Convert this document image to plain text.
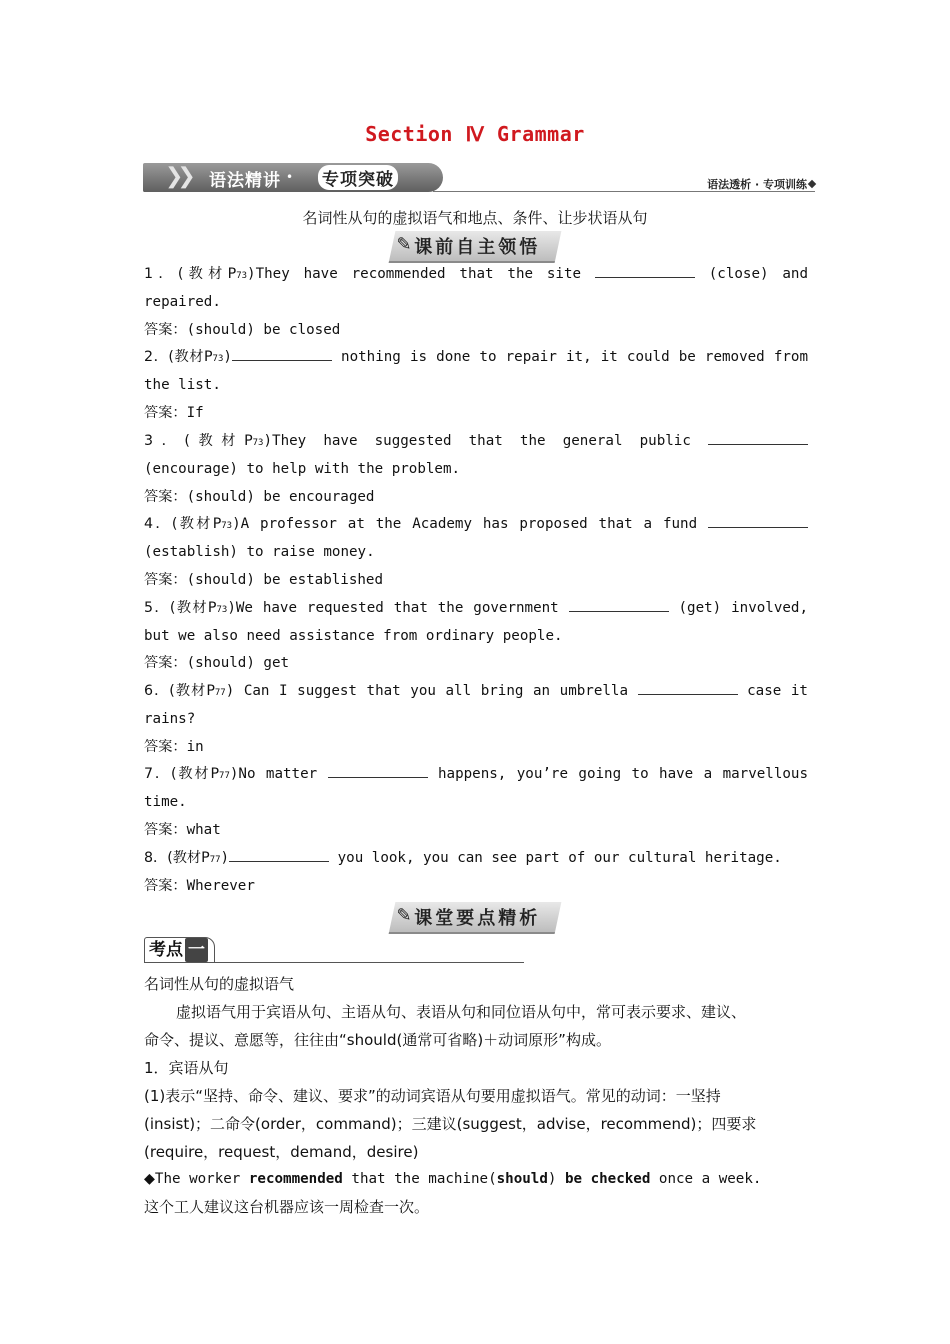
Section Ⅳ Grammar
❯❯ 语法精讲 • 专项突破	语法透析 · 专项训练
名词性从句的虚拟语气和地点、条件、让步状语从句
✎ 课前自主领悟
1．(教材P73)They have recommended that the site	(close) and
repaired.
答案：(should) be closed
2．(教材P73)	nothing is done to repair it, it could be removed from
the list.
答案：If
3．(教材P73)They have suggested that the general public
(encourage) to help with the problem.
答案：(should) be encouraged
4．(教材P73)A professor at the Academy has proposed that a fund
(establish) to raise money.
答案：(should) be established
5．(教材P73)We have requested that the government	(get) involved,
but we also need assistance from ordinary people.
答案：(should) get
6．(教材P77) Can I suggest that you all bring an umbrella	case it
rains?
答案：in
7．(教材P77)No matter	happens, you’re going to have a marvellous
time.
答案：what
8．(教材P77)	you look, you can see part of our cultural heritage.
答案：Wherever
✎ 课堂要点精析
考点 一
名词性从句的虚拟语气
虚拟语气用于宾语从句、主语从句、表语从句和同位语从句中，常可表示要求、建议、
命令、提议、意愿等，往往由“should(通常可省略)＋动词原形”构成。
1．宾语从句
(1)表示“坚持、命令、建议、要求”的动词宾语从句要用虚拟语气。常见的动词：一坚持
(insist)；二命令(order，command)；三建议(suggest，advise，recommend)；四要求
(require，request，demand，desire)
◆The worker recommended that the machine(should) be checked once a week.
这个工人建议这台机器应该一周检查一次。
